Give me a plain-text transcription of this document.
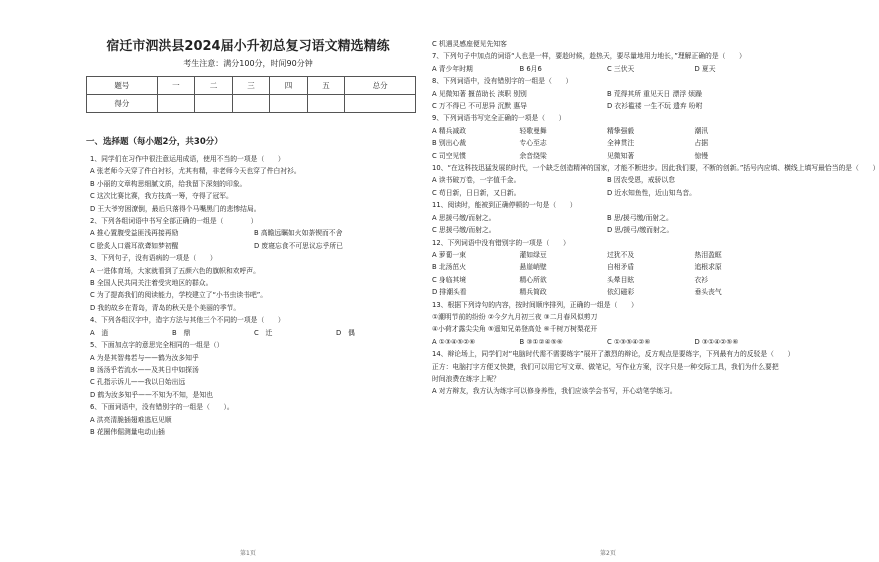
宿迁市泗洪县2024届小升初总复习语文精选精练
考生注意：满分100分，时间90分钟
题号	一	二	三	四	五	总分
得分						
一、选择题（每小题2分，共30分）
1、同学们在习作中很注意运用成语，使用不当的一项是（　　）
A 张老师今天穿了件白衬衫，尤其有精，非老师今天也穿了件白衬衫。
B 小丽的文章构思细腻文质，给我留下深刻的印象。
C 这次比赛比赛，我方技高一筹，夺得了冠军。
D 王大爷穷困潦倒，最后只落得个马嘴黑门的悲惨结局。
2、下列各组词语中书写全部正确的一组是（　　　　）
A 推心置腹受益匪浅再接再励	B 高瞻远瞩如火如荼锲而不舍
C 脍炙人口震耳欲聋如梦初醒	D 废寝忘食不可思议忘乎所已
3、下列句子，没有语病的一项是（　　）
A 一进体育场，大家就看到了五颜六色的旗帜和欢呼声。
B 全国人民共同关注着受灾地区的群众。
C 为了提高我们的阅读能力，学校建立了“小书虫读书吧”。
D 我的故乡在青岛，青岛的秋天是个美丽的季节。
4、下列各组汉字中，造字方法与其他三个不同的一项是（　　）
A　逍	B　鼎	C　迁	D　偶
5、下面加点字的意思完全相同的一组是（）
A 为是其智弗若与——鹤为汝多知乎
B 汤汤乎若流水——及其日中如探汤
C 孔指示诉儿——我以日始出远
D 鹤为汝多知乎——不知为不知，是知也
6、下面词语中，没有错别字的一组是（　　）。
A 洪亮清脆插翅难逃厄见顺
B 花圈伟倔测量电动山插
C 机遇灵感座便见先知客
7、下列句子中加点的词语“人也是一样，要趁时候，趁热天，要尽量地用力地长，”理解正确的是（　　）
A 青少年时期	B 6月6	C 三伏天	D 夏天
8、下列词语中，没有错别字的一组是（　　）
A 见微知著 揠苗助长 渎职 别别	B 荒得其所 重见天日 漂浮 烦躁
C 万不得已 不可思异 沉默 惠导	D 衣衫褴褛 一生不玩 遗弃 吩咐
9、下列词语书写完全正确的一项是（　　）
A 精兵减政	轻歌曼舞	精挚强毅	潮汛
B 别出心裁	专心至志	全神贯注	占据
C 司空见惯	余音绕梁	见微知著	惊慢
10、“在这科技迅猛发展的时代，一个缺乏创造精神的国家，才能不断进步。因此我们要，不断的创新。”括号内应填、横线上填写最恰当的是（　　）
A 读书破万卷，一字值千金。	B 因农受恩，戒骄以怠
C 苟日新，日日新，又日新。	D 近水知鱼性，近山知鸟音。
11、阅读时，能被到正确停顿的一句是（　　）
A 思援弓缴/而射之。	B 思/援弓缴/而射之。
C 思援弓缴/而射之。	D 思/援弓/缴而射之。
12、下列词语中没有错别字的一项是（　　）
A 萝蔔一束	灌如绿豆	过犹不及	热泪盈眶
B 北汤茁火	悬崖峭壁	自相矛盾	追根求原
C 身临其境	精心所欲	头晕目眩	衣衫
D 排潮头看	精兵简政	依幻磁彩	垂头丧气
13、根据下列诗句的内容，按时间顺序排列，正确的一组是（　　）
①潮明节前的纷纷 ②今夕九月初三夜 ③二月春风似剪刀
④小荷才露尖尖角 ⑤遥知兄弟登高处 ⑥千树万树梨花开
A ①③④⑤②⑥	B ③①②④⑤⑥	C ①③⑤④②⑥	D ③①④②⑤⑥
14、辩论场上，同学们对“电脑时代需不需要练字”展开了激烈的辩论，反方观点是要练字，下列最有力的反驳是（　　）
正方：电脑打字方便又快捷，我们可以用它写文章、做笔记，写作业方案，汉字只是一种交际工具，我们为什么要把
时间浪费在练字上呢？
A 对方辩友，我方认为练字可以修身养性，我们应该学会书写，开心动笔学练习。
第1页	第2页
